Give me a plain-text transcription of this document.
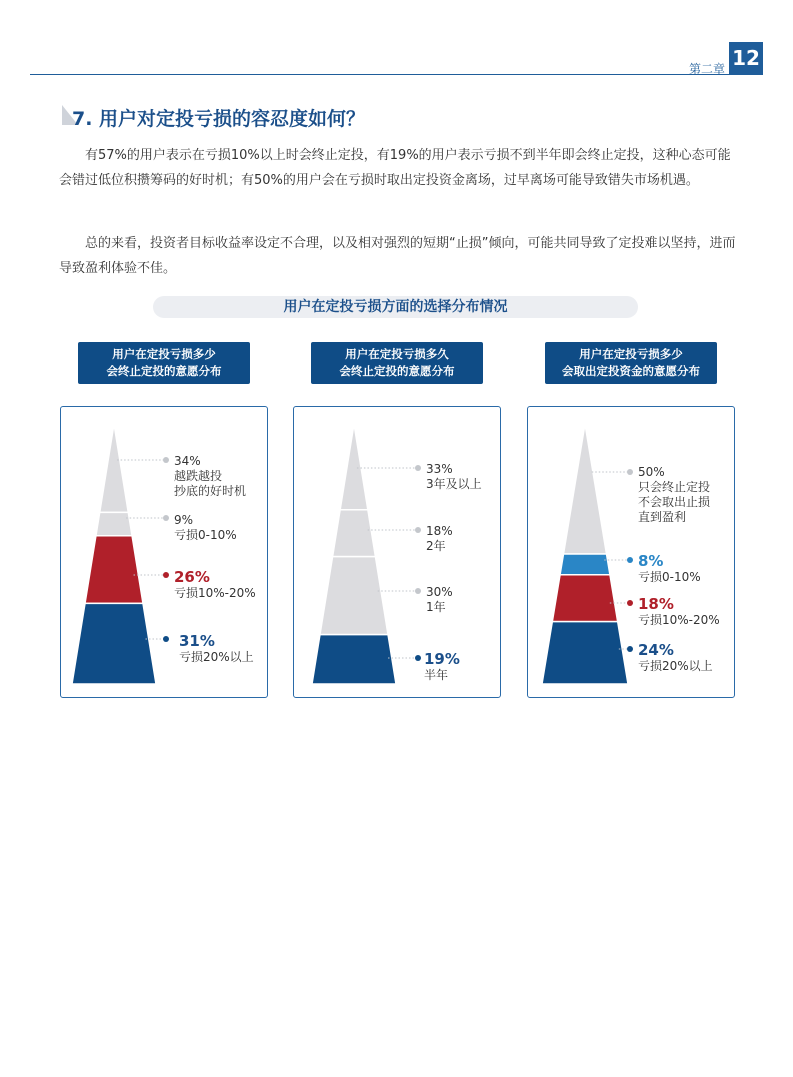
第二章 12
7. 用户对定投亏损的容忍度如何？

有57%的用户表示在亏损10%以上时会终止定投，有19%的用户表示亏损不到半年即会终止定投，这种心态可能会错过低位积攒筹码的好时机；有50%的用户会在亏损时取出定投资金离场，过早离场可能导致错失市场机遇。

总的来看，投资者目标收益率设定不合理，以及相对强烈的短期“止损”倾向，可能共同导致了定投难以坚持，进而导致盈利体验不佳。

用户在定投亏损方面的选择分布情况
用户在定投亏损多少
会终止定投的意愿分布
用户在定投亏损多久
会终止定投的意愿分布
用户在定投亏损多少
会取出定投资金的意愿分布
34%
越跌越投
抄底的好时机
9%
亏损0-10%
26%
亏损10%-20%
31%
亏损20%以上
33%
3年及以上
18%
2年
30%
1年
19%
半年
50%
只会终止定投
不会取出止损
直到盈利
8%
亏损0-10%
18%
亏损10%-20%
24%
亏损20%以上
